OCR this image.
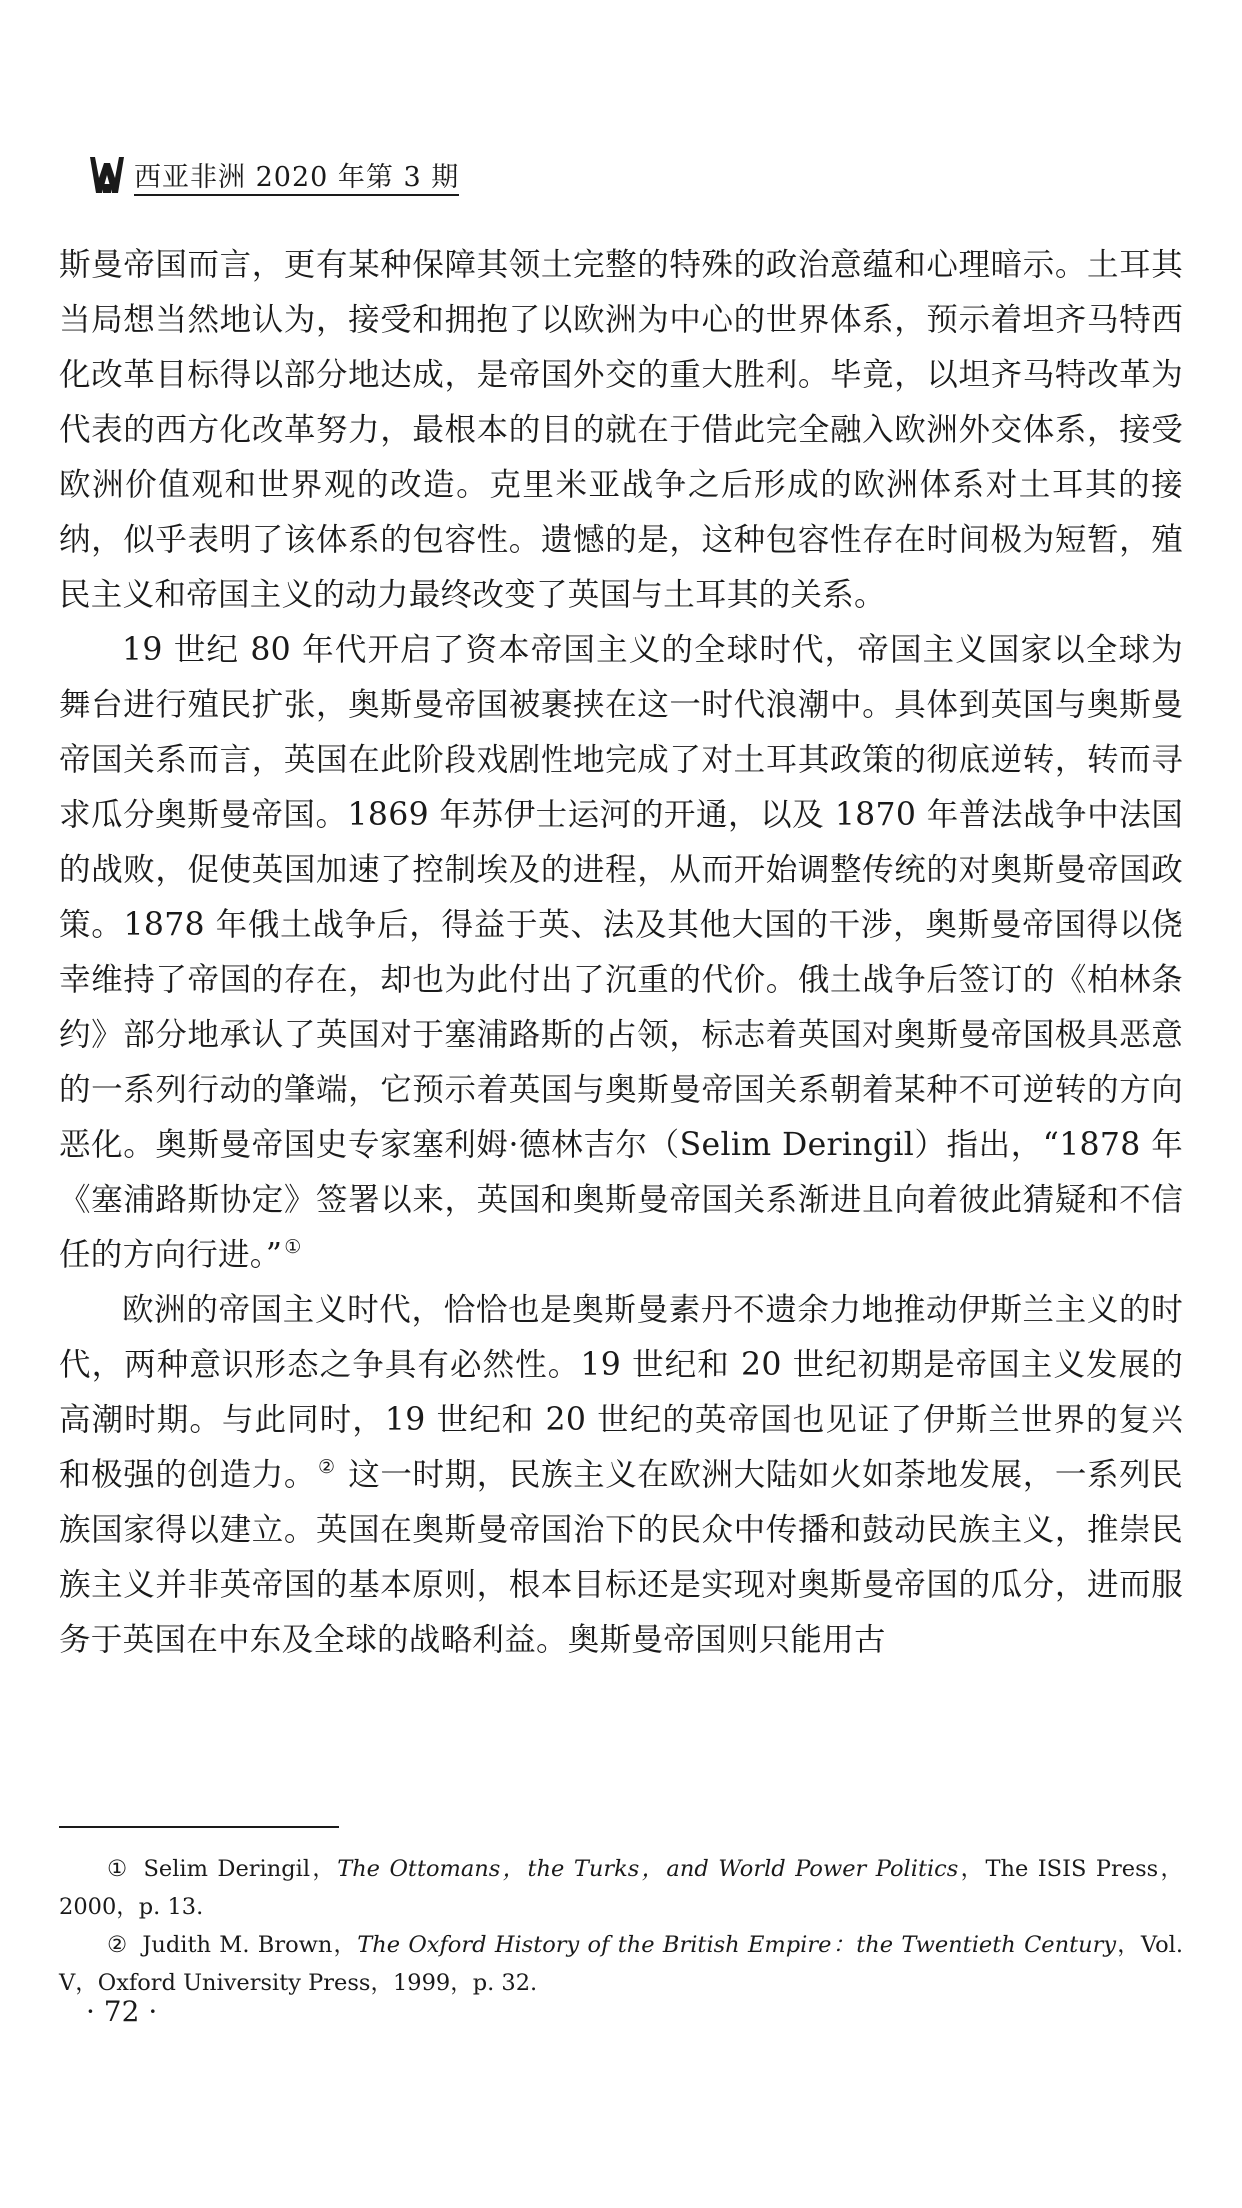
西亚非洲 2020 年第 3 期

斯曼帝国而言，更有某种保障其领土完整的特殊的政治意蕴和心理暗示。土耳其当局想当然地认为，接受和拥抱了以欧洲为中心的世界体系，预示着坦齐马特西化改革目标得以部分地达成，是帝国外交的重大胜利。毕竟，以坦齐马特改革为代表的西方化改革努力，最根本的目的就在于借此完全融入欧洲外交体系，接受欧洲价值观和世界观的改造。克里米亚战争之后形成的欧洲体系对土耳其的接纳，似乎表明了该体系的包容性。遗憾的是，这种包容性存在时间极为短暂，殖民主义和帝国主义的动力最终改变了英国与土耳其的关系。

19 世纪 80 年代开启了资本帝国主义的全球时代，帝国主义国家以全球为舞台进行殖民扩张，奥斯曼帝国被裹挟在这一时代浪潮中。具体到英国与奥斯曼帝国关系而言，英国在此阶段戏剧性地完成了对土耳其政策的彻底逆转，转而寻求瓜分奥斯曼帝国。1869 年苏伊士运河的开通，以及 1870 年普法战争中法国的战败，促使英国加速了控制埃及的进程，从而开始调整传统的对奥斯曼帝国政策。1878 年俄土战争后，得益于英、法及其他大国的干涉，奥斯曼帝国得以侥幸维持了帝国的存在，却也为此付出了沉重的代价。俄土战争后签订的《柏林条约》部分地承认了英国对于塞浦路斯的占领，标志着英国对奥斯曼帝国极具恶意的一系列行动的肇端，它预示着英国与奥斯曼帝国关系朝着某种不可逆转的方向恶化。奥斯曼帝国史专家塞利姆·德林吉尔（Selim Deringil）指出，“1878 年《塞浦路斯协定》签署以来，英国和奥斯曼帝国关系渐进且向着彼此猜疑和不信任的方向行进。” ①

欧洲的帝国主义时代，恰恰也是奥斯曼素丹不遗余力地推动伊斯兰主义的时代，两种意识形态之争具有必然性。19 世纪和 20 世纪初期是帝国主义发展的高潮时期。与此同时，19 世纪和 20 世纪的英帝国也见证了伊斯兰世界的复兴和极强的创造力。 ② 这一时期，民族主义在欧洲大陆如火如荼地发展，一系列民族国家得以建立。英国在奥斯曼帝国治下的民众中传播和鼓动民族主义，推崇民族主义并非英帝国的基本原则，根本目标还是实现对奥斯曼帝国的瓜分，进而服务于英国在中东及全球的战略利益。奥斯曼帝国则只能用古

① Selim Deringil，The Ottomans，the Turks，and World Power Politics，The ISIS Press，2000，p. 13.

② Judith M. Brown，The Oxford History of the British Empire：the Twentieth Century，Vol. V，Oxford University Press，1999，p. 32.

· 72 ·
